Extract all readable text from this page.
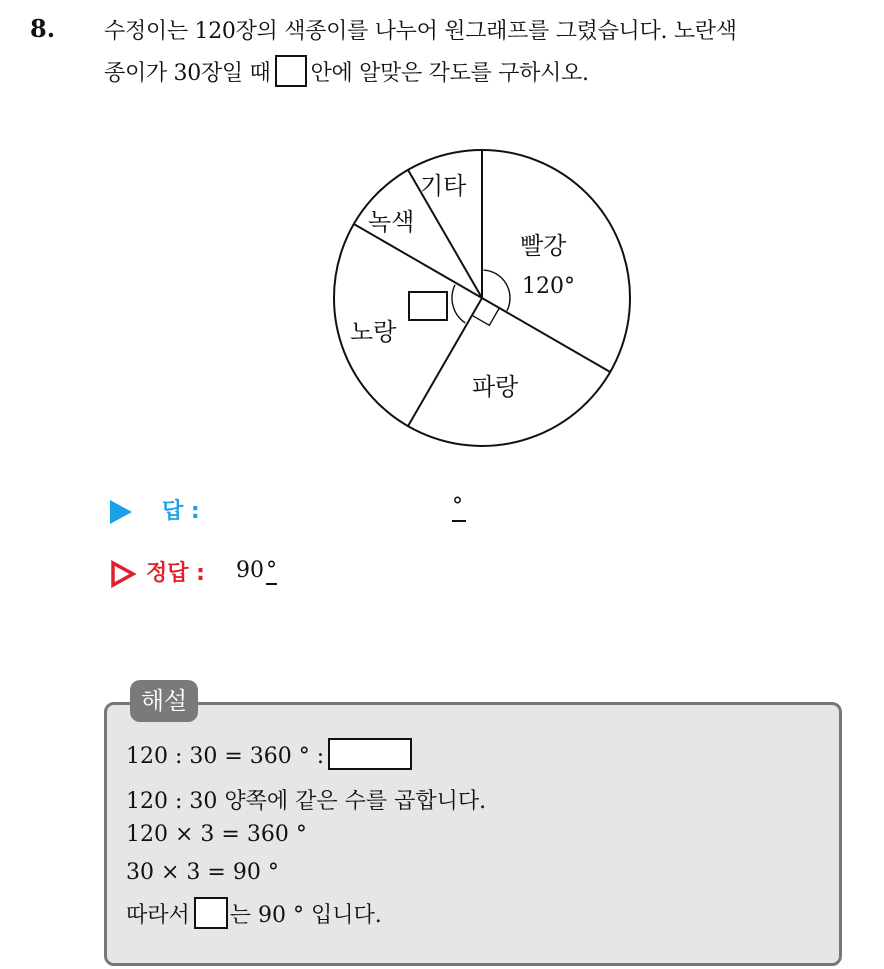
8. 수정이는 120장의 색종이를 나누어 원그래프를 그렸습니다. 노란색
종이가 30장일 때 안에 알맞은 각도를 구하시오.
빨강
120°
파랑
노랑
녹색
기타
답 :	°
정답 : 90°
해설
120 : 30 = 360 ° :
120 : 30 양쪽에 같은 수를 곱합니다.
120 × 3 = 360 °
30 × 3 = 90 °
따라서 는 90 ° 입니다.
